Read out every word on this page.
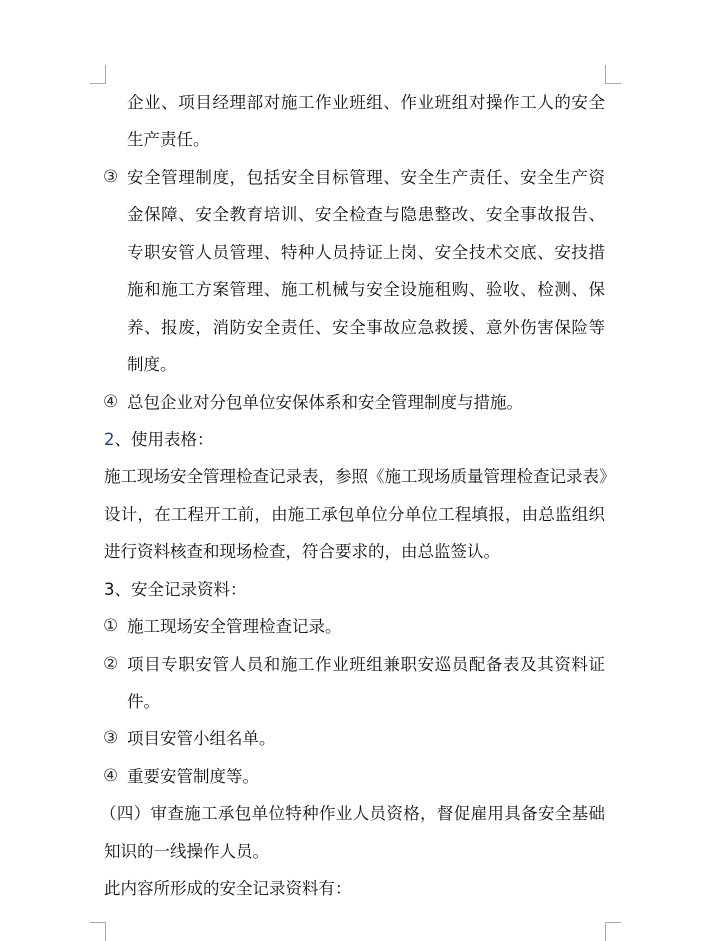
企业、项目经理部对施工作业班组、作业班组对操作工人的安全
生产责任。
③ 安全管理制度，包括安全目标管理、安全生产责任、安全生产资
金保障、安全教育培训、安全检查与隐患整改、安全事故报告、
专职安管人员管理、特种人员持证上岗、安全技术交底、安技措
施和施工方案管理、施工机械与安全设施租购、验收、检测、保
养、报废，消防安全责任、安全事故应急救援、意外伤害保险等
制度。
④ 总包企业对分包单位安保体系和安全管理制度与措施。
2、使用表格：
施工现场安全管理检查记录表，参照《施工现场质量管理检查记录表》
设计，在工程开工前，由施工承包单位分单位工程填报，由总监组织
进行资料核查和现场检查，符合要求的，由总监签认。
3、安全记录资料：
① 施工现场安全管理检查记录。
② 项目专职安管人员和施工作业班组兼职安巡员配备表及其资料证
件。
③ 项目安管小组名单。
④ 重要安管制度等。
（四）审查施工承包单位特种作业人员资格，督促雇用具备安全基础
知识的一线操作人员。
此内容所形成的安全记录资料有：
